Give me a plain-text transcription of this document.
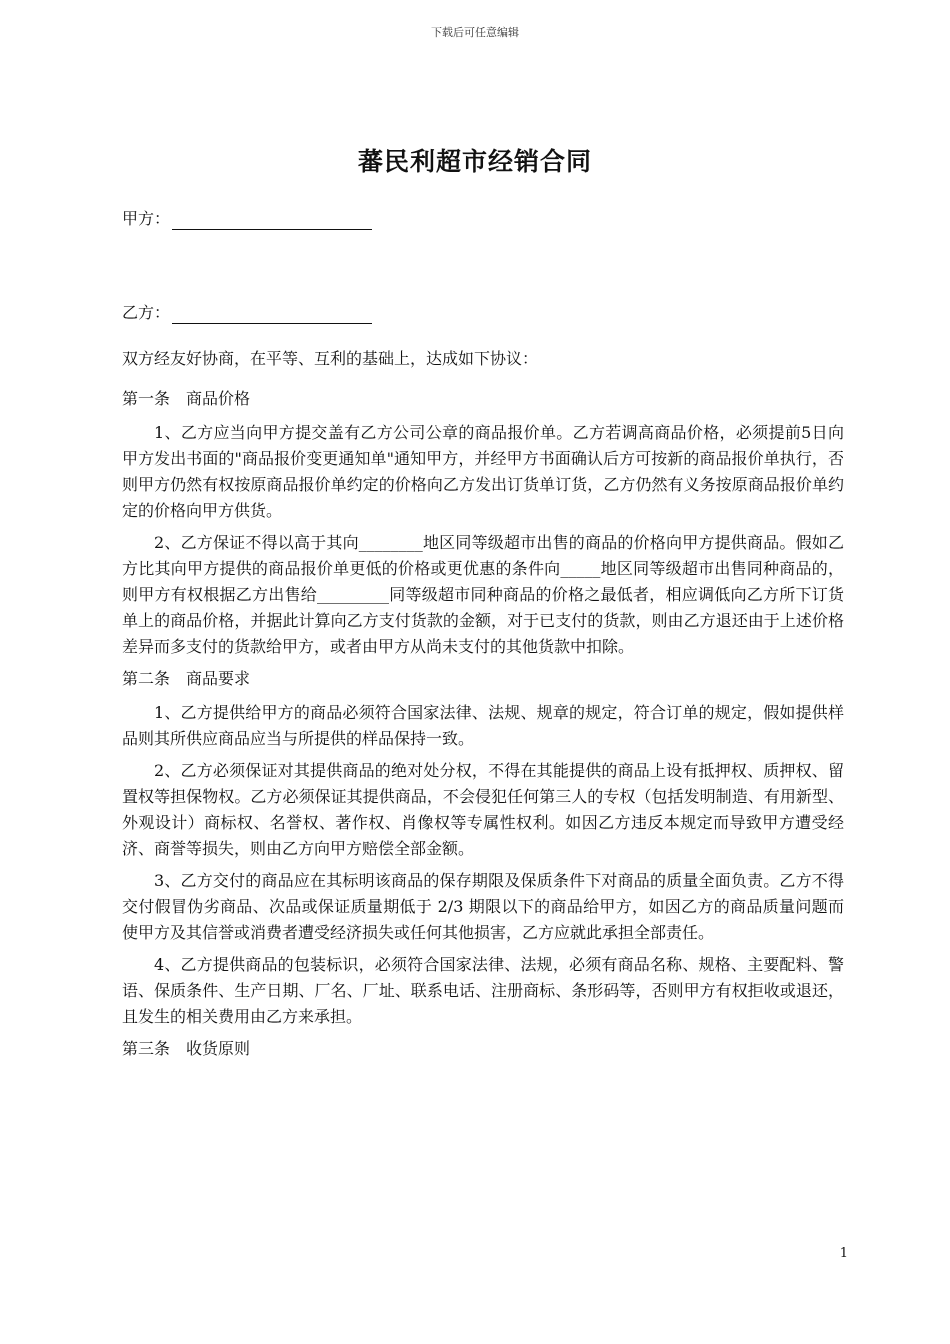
下载后可任意编辑
蕃民利超市经销合同
甲方：
乙方：

双方经友好协商，在平等、互利的基础上，达成如下协议：

第一条　商品价格

1、乙方应当向甲方提交盖有乙方公司公章的商品报价单。乙方若调高商品价格，必须提前5日向甲方发出书面的"商品报价变更通知单"通知甲方，并经甲方书面确认后方可按新的商品报价单执行，否则甲方仍然有权按原商品报价单约定的价格向乙方发出订货单订货，乙方仍然有义务按原商品报价单约定的价格向甲方供货。

2、乙方保证不得以高于其向________地区同等级超市出售的商品的价格向甲方提供商品。假如乙方比其向甲方提供的商品报价单更低的价格或更优惠的条件向_____地区同等级超市出售同种商品的，则甲方有权根据乙方出售给_________同等级超市同种商品的价格之最低者，相应调低向乙方所下订货单上的商品价格，并据此计算向乙方支付货款的金额，对于已支付的货款，则由乙方退还由于上述价格差异而多支付的货款给甲方，或者由甲方从尚未支付的其他货款中扣除。

第二条　商品要求

1、乙方提供给甲方的商品必须符合国家法律、法规、规章的规定，符合订单的规定，假如提供样品则其所供应商品应当与所提供的样品保持一致。

2、乙方必须保证对其提供商品的绝对处分权，不得在其能提供的商品上设有抵押权、质押权、留置权等担保物权。乙方必须保证其提供商品，不会侵犯任何第三人的专权（包括发明制造、有用新型、外观设计）商标权、名誉权、著作权、肖像权等专属性权利。如因乙方违反本规定而导致甲方遭受经济、商誉等损失，则由乙方向甲方赔偿全部金额。

3、乙方交付的商品应在其标明该商品的保存期限及保质条件下对商品的质量全面负责。乙方不得交付假冒伪劣商品、次品或保证质量期低于 2/3 期限以下的商品给甲方，如因乙方的商品质量问题而使甲方及其信誉或消费者遭受经济损失或任何其他损害，乙方应就此承担全部责任。

4、乙方提供商品的包装标识，必须符合国家法律、法规，必须有商品名称、规格、主要配料、警语、保质条件、生产日期、厂名、厂址、联系电话、注册商标、条形码等，否则甲方有权拒收或退还，且发生的相关费用由乙方来承担。

第三条　收货原则

1
